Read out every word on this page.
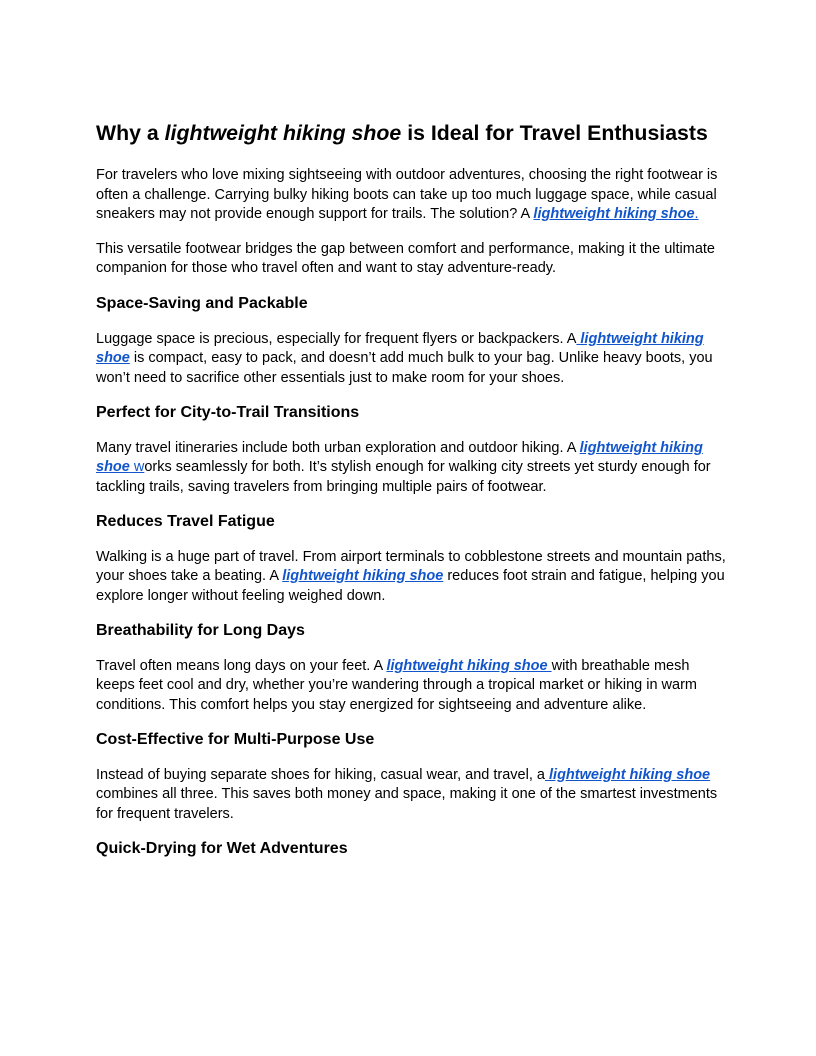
Why a lightweight hiking shoe is Ideal for Travel Enthusiasts

For travelers who love mixing sightseeing with outdoor adventures, choosing the right footwear is often a challenge. Carrying bulky hiking boots can take up too much luggage space, while casual sneakers may not provide enough support for trails. The solution? A lightweight hiking shoe.

This versatile footwear bridges the gap between comfort and performance, making it the ultimate companion for those who travel often and want to stay adventure-ready.

Space-Saving and Packable

Luggage space is precious, especially for frequent flyers or backpackers. A lightweight hiking shoe is compact, easy to pack, and doesn’t add much bulk to your bag. Unlike heavy boots, you won’t need to sacrifice other essentials just to make room for your shoes.

Perfect for City-to-Trail Transitions

Many travel itineraries include both urban exploration and outdoor hiking. A lightweight hiking shoe works seamlessly for both. It’s stylish enough for walking city streets yet sturdy enough for tackling trails, saving travelers from bringing multiple pairs of footwear.

Reduces Travel Fatigue

Walking is a huge part of travel. From airport terminals to cobblestone streets and mountain paths, your shoes take a beating. A lightweight hiking shoe reduces foot strain and fatigue, helping you explore longer without feeling weighed down.

Breathability for Long Days

Travel often means long days on your feet. A lightweight hiking shoe with breathable mesh keeps feet cool and dry, whether you’re wandering through a tropical market or hiking in warm conditions. This comfort helps you stay energized for sightseeing and adventure alike.

Cost-Effective for Multi-Purpose Use

Instead of buying separate shoes for hiking, casual wear, and travel, a lightweight hiking shoe combines all three. This saves both money and space, making it one of the smartest investments for frequent travelers.

Quick-Drying for Wet Adventures
